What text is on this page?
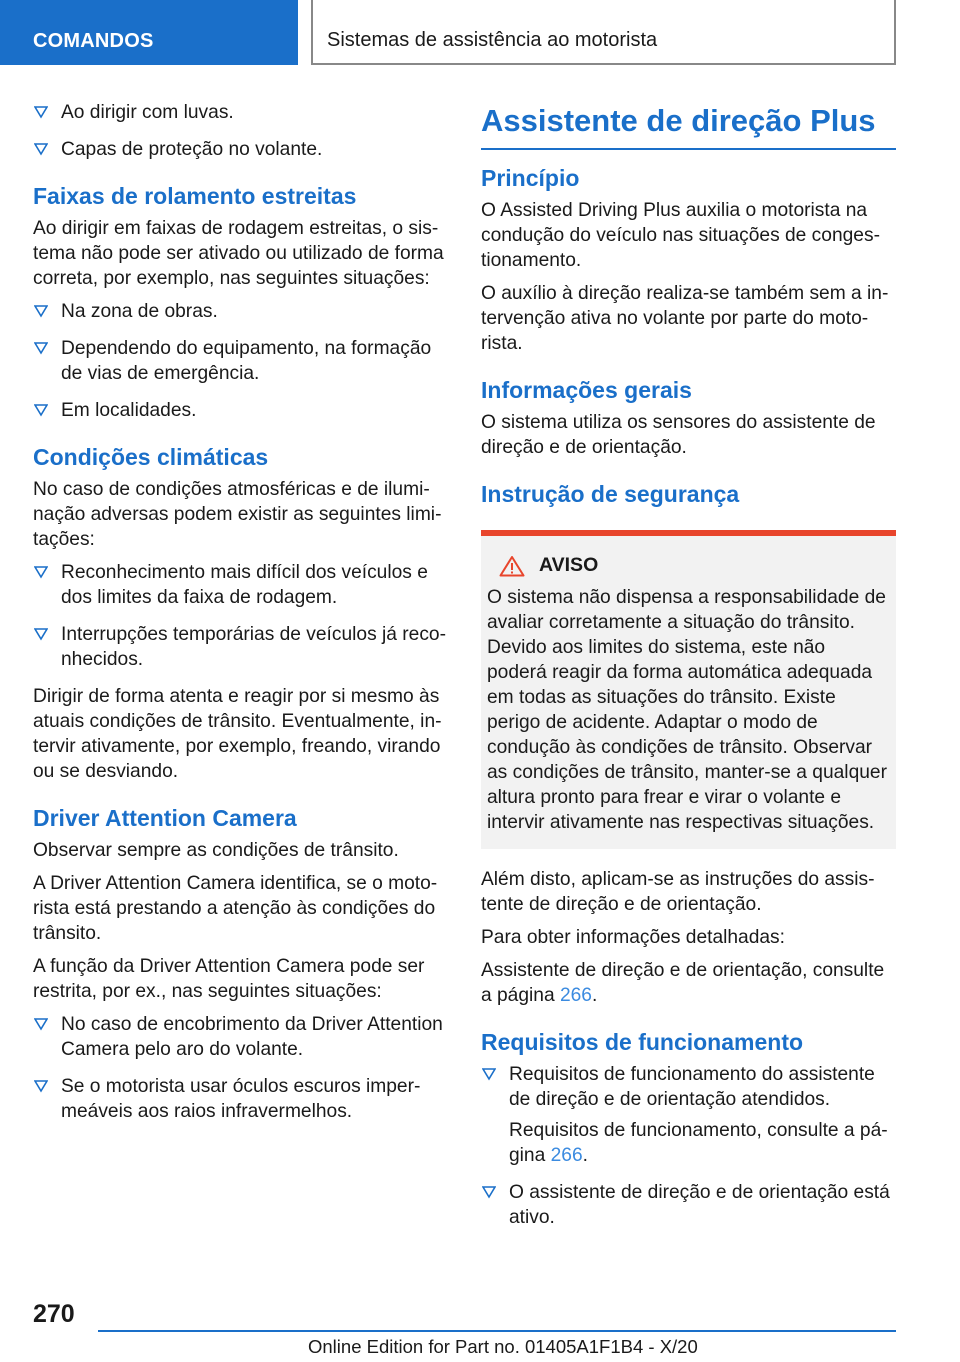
COMANDOS	Sistemas de assistência ao motorista
Ao dirigir com luvas.
Capas de proteção no volante.
Faixas de rolamento estreitas

Ao dirigir em faixas de rodagem estreitas, o sistema não pode ser ativado ou utilizado de forma correta, por exemplo, nas seguintes situações:

Na zona de obras.
Dependendo do equipamento, na formação de vias de emergência.
Em localidades.
Condições climáticas

No caso de condições atmosféricas e de iluminação adversas podem existir as seguintes limitações:

Reconhecimento mais difícil dos veículos e dos limites da faixa de rodagem.
Interrupções temporárias de veículos já reconhecidos.

Dirigir de forma atenta e reagir por si mesmo às atuais condições de trânsito. Eventualmente, intervir ativamente, por exemplo, freando, virando ou se desviando.

Driver Attention Camera

Observar sempre as condições de trânsito.

A Driver Attention Camera identifica, se o motorista está prestando a atenção às condições do trânsito.

A função da Driver Attention Camera pode ser restrita, por ex., nas seguintes situações:

No caso de encobrimento da Driver Attention Camera pelo aro do volante.
Se o motorista usar óculos escuros impermeáveis aos raios infravermelhos.
Assistente de direção Plus
Princípio

O Assisted Driving Plus auxilia o motorista na condução do veículo nas situações de congestionamento.

O auxílio à direção realiza-se também sem a intervenção ativa no volante por parte do motorista.

Informações gerais

O sistema utiliza os sensores do assistente de direção e de orientação.

Instrução de segurança
AVISO

O sistema não dispensa a responsabilidade de avaliar corretamente a situação do trânsito. Devido aos limites do sistema, este não poderá reagir da forma automática adequada em todas as situações do trânsito. Existe perigo de acidente. Adaptar o modo de condução às condições de trânsito. Observar as condições de trânsito, manter-se a qualquer altura pronto para frear e virar o volante e intervir ativamente nas respectivas situações.

Além disto, aplicam-se as instruções do assistente de direção e de orientação.

Para obter informações detalhadas:

Assistente de direção e de orientação, consulte a página 266.

Requisitos de funcionamento
Requisitos de funcionamento do assistente de direção e de orientação atendidos.
Requisitos de funcionamento, consulte a página 266.
O assistente de direção e de orientação está ativo.
270
Online Edition for Part no. 01405A1F1B4 - X/20
